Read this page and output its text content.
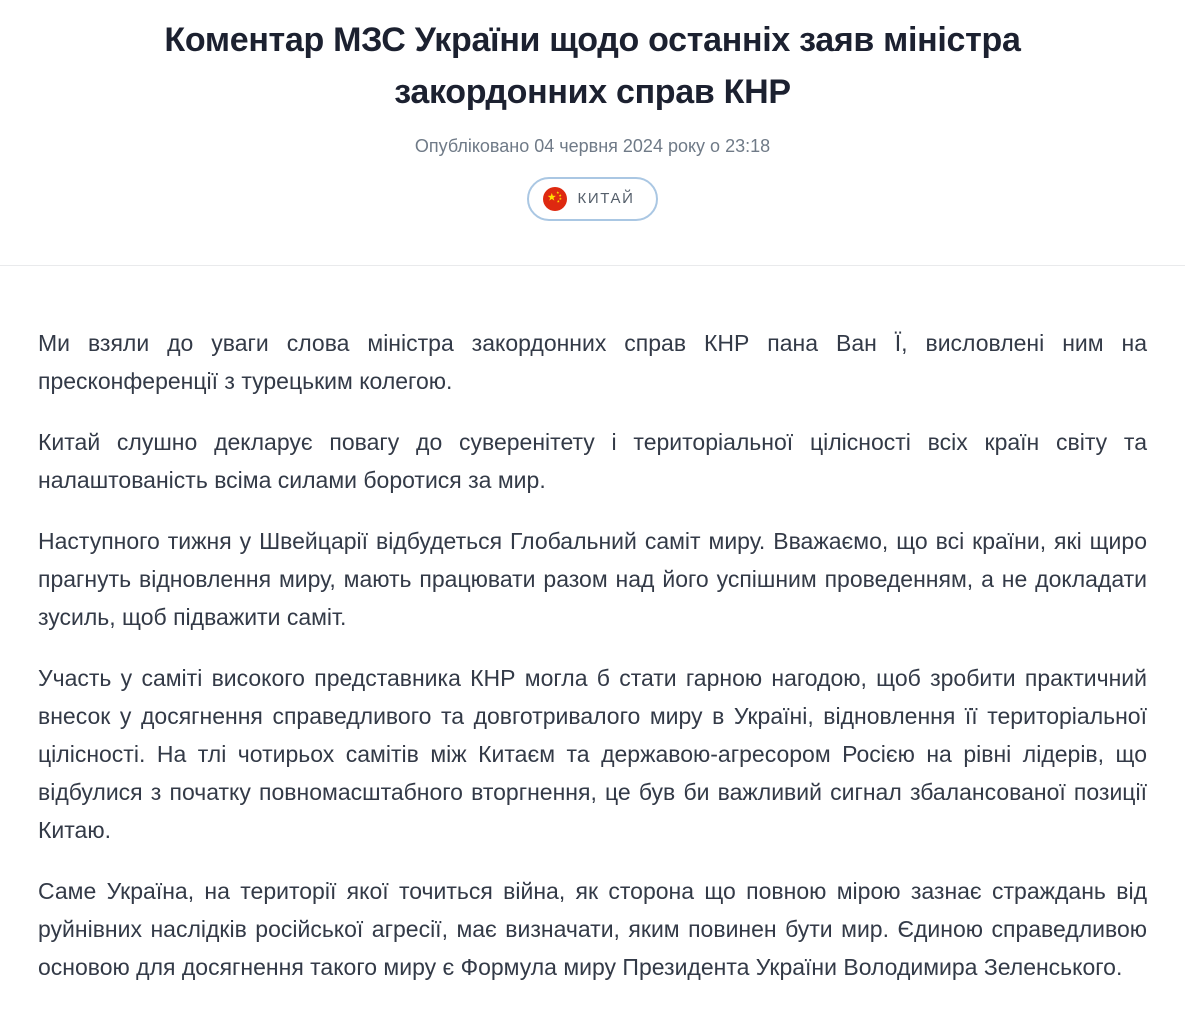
Коментар МЗС України щодо останніх заяв міністра закордонних справ КНР
Опубліковано 04 червня 2024 року о 23:18
КИТАЙ

Ми взяли до уваги слова міністра закордонних справ КНР пана Ван Ї, висловлені ним на пресконференції з турецьким колегою.

Китай слушно декларує повагу до суверенітету і територіальної цілісності всіх країн світу та налаштованість всіма силами боротися за мир.

Наступного тижня у Швейцарії відбудеться Глобальний саміт миру. Вважаємо, що всі країни, які щиро прагнуть відновлення миру, мають працювати разом над його успішним проведенням, а не докладати зусиль, щоб підважити саміт.

Участь у саміті високого представника КНР могла б стати гарною нагодою, щоб зробити практичний внесок у досягнення справедливого та довготривалого миру в Україні, відновлення її територіальної цілісності. На тлі чотирьох самітів між Китаєм та державою-агресором Росією на рівні лідерів, що відбулися з початку повномасштабного вторгнення, це був би важливий сигнал збалансованої позиції Китаю.

Саме Україна, на території якої точиться війна, як сторона що повною мірою зазнає страждань від руйнівних наслідків російської агресії, має визначати, яким повинен бути мир. Єдиною справедливою основою для досягнення такого миру є Формула миру Президента України Володимира Зеленського.
